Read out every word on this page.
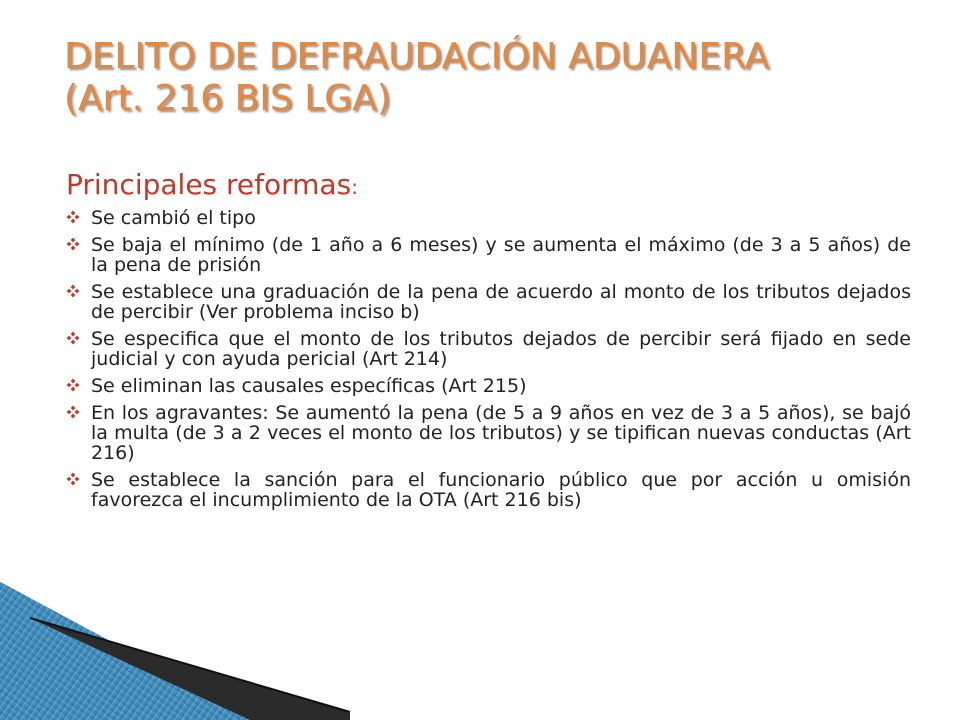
DELITO DE DEFRAUDACIÓN ADUANERA
(Art. 216 BIS LGA)
Principales reformas:
Se cambió el tipo
Se baja el mínimo (de 1 año a 6 meses) y se aumenta el máximo (de 3 a 5 años) de la pena de prisión
Se establece una graduación de la pena de acuerdo al monto de los tributos dejados de percibir (Ver problema inciso b)
Se especifica que el monto de los tributos dejados de percibir será fijado en sede judicial y con ayuda pericial (Art 214)
Se eliminan las causales específicas (Art 215)
En los agravantes: Se aumentó la pena (de 5 a 9 años en vez de 3 a 5 años), se bajó la multa (de 3 a 2 veces el monto de los tributos) y se tipifican nuevas conductas (Art 216)
Se establece la sanción para el funcionario público que por acción u omisión favorezca el incumplimiento de la OTA (Art 216 bis)
